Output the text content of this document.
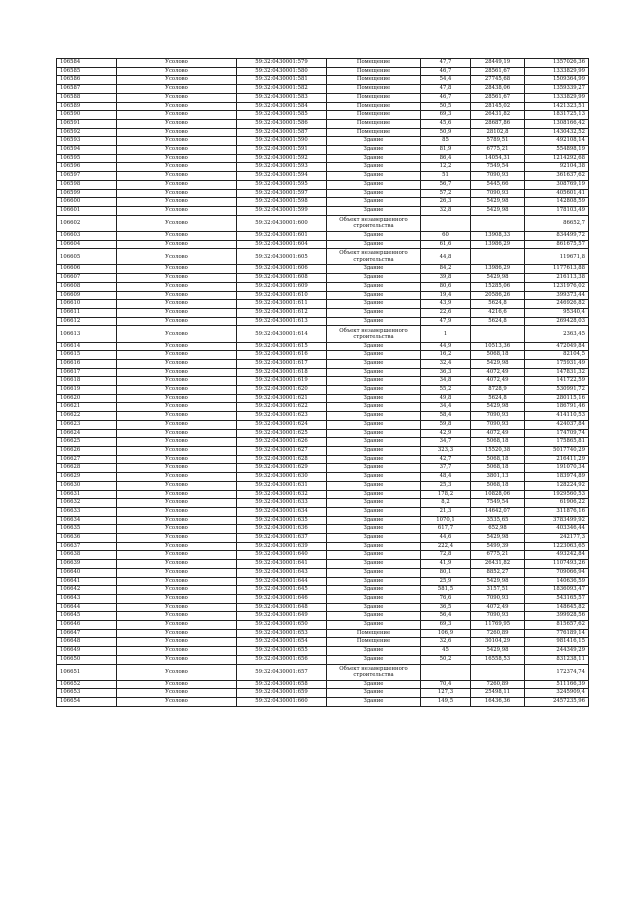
106584	Усолово	59:32:0430001:579	Помещение	47,7	28449,19	1357026,36
106585	Усолово	59:32:0430001:580	Помещение	46,7	28561,67	1333829,99
106586	Усолово	59:32:0430001:581	Помещение	54,4	27745,68	1509364,99
106587	Усолово	59:32:0430001:582	Помещение	47,8	28438,06	1359339,27
106588	Усолово	59:32:0430001:583	Помещение	46,7	28561,67	1333829,99
106589	Усолово	59:32:0430001:584	Помещение	50,5	28145,02	1421323,51
106590	Усолово	59:32:0430001:585	Помещение	69,3	26431,82	1831725,13
106591	Усолово	59:32:0430001:586	Помещение	45,6	28687,86	1308166,42
106592	Усолово	59:32:0430001:587	Помещение	50,9	28102,8	1430432,52
106593	Усолово	59:32:0430001:590	Здание	85	5789,51	492108,14
106594	Усолово	59:32:0430001:591	Здание	81,9	6775,21	554898,19
106595	Усолово	59:32:0430001:592	Здание	86,4	14054,31	1214292,68
106596	Усолово	59:32:0430001:593	Здание	12,2	7549,54	92104,38
106597	Усолово	59:32:0430001:594	Здание	51	7090,93	361637,62
106598	Усолово	59:32:0430001:595	Здание	56,7	5445,66	308769,19
106599	Усолово	59:32:0430001:597	Здание	57,2	7090,93	405601,41
106600	Усолово	59:32:0430001:598	Здание	26,3	5429,98	142808,59
106601	Усолово	59:32:0430001:599	Здание	32,8	5429,98	178103,49
106602	Усолово	59:32:0430001:600	Объект незавершенного строительства			86652,7
106603	Усолово	59:32:0430001:601	Здание	60	13908,33	834499,72
106604	Усолово	59:32:0430001:604	Здание	61,6	13986,29	861675,57
106605	Усолово	59:32:0430001:605	Объект незавершенного строительства	44,8		119671,8
106606	Усолово	59:32:0430001:606	Здание	84,2	13986,29	1177613,88
106607	Усолово	59:32:0430001:608	Здание	39,8	5429,98	216113,38
106608	Усолово	59:32:0430001:609	Здание	80,6	15285,06	1231976,02
106609	Усолово	59:32:0430001:610	Здание	19,4	20586,26	399373,44
106610	Усолово	59:32:0430001:611	Здание	43,9	5624,8	246926,82
106611	Усолово	59:32:0430001:612	Здание	22,6	4216,6	95340,4
106612	Усолово	59:32:0430001:613	Здание	47,9	5624,8	269428,03
106613	Усолово	59:32:0430001:614	Объект незавершенного строительства	1		2363,45
106614	Усолово	59:32:0430001:615	Здание	44,9	10513,36	472049,84
106615	Усолово	59:32:0430001:616	Здание	16,2	5068,18	82104,5
106616	Усолово	59:32:0430001:617	Здание	32,4	5429,98	175931,49
106617	Усолово	59:32:0430001:618	Здание	36,3	4072,49	147831,32
106618	Усолово	59:32:0430001:619	Здание	34,8	4072,49	141722,59
106619	Усолово	59:32:0430001:620	Здание	55,2	8728,9	530991,72
106620	Усолово	59:32:0430001:621	Здание	49,8	5624,8	280115,16
106621	Усолово	59:32:0430001:622	Здание	34,4	5429,98	186791,46
106622	Усолово	59:32:0430001:623	Здание	58,4	7090,93	414110,53
106623	Усолово	59:32:0430001:624	Здание	59,8	7090,93	424037,84
106624	Усолово	59:32:0430001:625	Здание	42,9	4072,49	174709,74
106625	Усолово	59:32:0430001:626	Здание	34,7	5068,18	175865,81
106626	Усолово	59:32:0430001:627	Здание	323,3	15520,38	5017740,29
106627	Усолово	59:32:0430001:628	Здание	42,7	5068,18	216411,29
106628	Усолово	59:32:0430001:629	Здание	37,7	5068,18	191070,34
106629	Усолово	59:32:0430001:630	Здание	48,4	3801,13	183974,89
106630	Усолово	59:32:0430001:631	Здание	25,3	5068,18	128224,92
106631	Усолово	59:32:0430001:632	Здание	178,2	10828,06	1929560,53
106632	Усолово	59:32:0430001:633	Здание	8,2	7549,54	61906,22
106633	Усолово	59:32:0430001:634	Здание	21,3	14642,07	311876,16
106634	Усолово	59:32:0430001:635	Здание	1070,1	3535,65	3783499,92
106635	Усолово	59:32:0430001:636	Здание	617,7	652,98	403346,44
106636	Усолово	59:32:0430001:637	Здание	44,6	5429,98	242177,3
106637	Усолово	59:32:0430001:639	Здание	222,4	5499,39	1223063,65
106638	Усолово	59:32:0430001:640	Здание	72,8	6775,21	493242,84
106639	Усолово	59:32:0430001:641	Здание	41,9	26431,82	1107493,26
106640	Усолово	59:32:0430001:643	Здание	80,1	8852,27	709066,94
106641	Усолово	59:32:0430001:644	Здание	25,9	5429,98	140636,59
106642	Усолово	59:32:0430001:645	Здание	581,5	3157,51	1836093,47
106643	Усолово	59:32:0430001:646	Здание	76,6	7090,93	543165,57
106644	Усолово	59:32:0430001:648	Здание	36,5	4072,49	148645,82
106645	Усолово	59:32:0430001:649	Здание	56,4	7090,93	399928,56
106646	Усолово	59:32:0430001:650	Здание	69,3	11769,95	815657,62
106647	Усолово	59:32:0430001:653	Помещение	106,9	7260,89	776189,14
106648	Усолово	59:32:0430001:654	Помещение	32,6	30104,29	981416,15
106649	Усолово	59:32:0430001:655	Здание	45	5429,98	244349,29
106650	Усолово	59:32:0430001:656	Здание	50,2	16558,53	831238,11
106651	Усолово	59:32:0430001:657	Объект незавершенного строительства			172374,74
106652	Усолово	59:32:0430001:658	Здание	70,4	7260,89	511166,39
106653	Усолово	59:32:0430001:659	Здание	127,3	25498,11	3245909,4
106654	Усолово	59:32:0430001:660	Здание	149,5	16436,36	2457235,96
